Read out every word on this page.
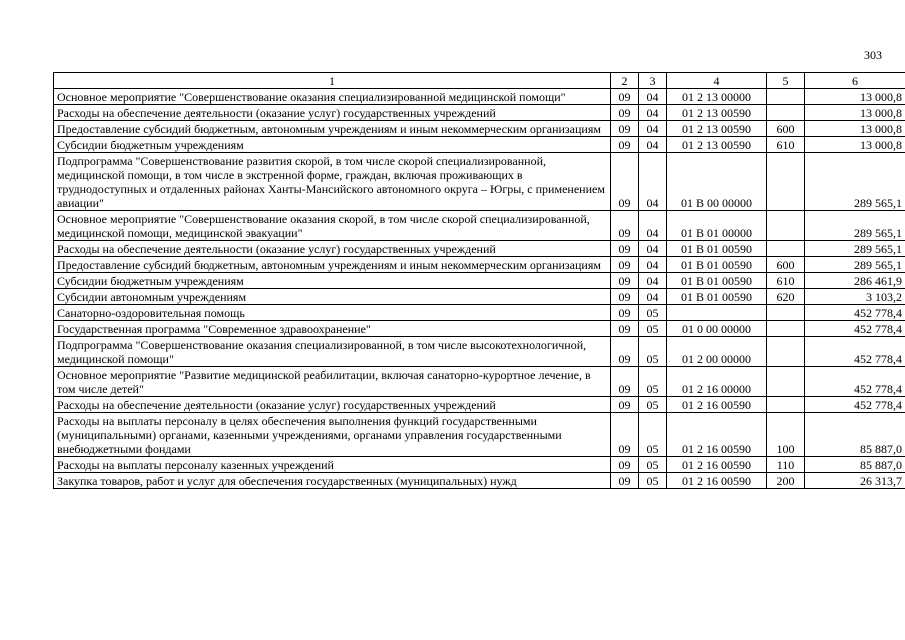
303
1	2	3	4	5	6
Основное мероприятие "Совершенствование оказания специализированной медицинской помощи"	09	04	01 2 13 00000		13 000,8
Расходы на обеспечение деятельности (оказание услуг) государственных учреждений	09	04	01 2 13 00590		13 000,8
Предоставление субсидий бюджетным, автономным учреждениям и иным некоммерческим организациям	09	04	01 2 13 00590	600	13 000,8
Субсидии бюджетным учреждениям	09	04	01 2 13 00590	610	13 000,8
Подпрограмма "Совершенствование развития скорой, в том числе скорой специализированной, медицинской помощи, в том числе в экстренной форме, граждан, включая проживающих в труднодоступных и отдаленных районах Ханты-Мансийского автономного округа – Югры, с применением авиации"	09	04	01 В 00 00000		289 565,1
Основное мероприятие "Совершенствование оказания скорой, в том числе скорой специализированной, медицинской помощи, медицинской эвакуации"	09	04	01 В 01 00000		289 565,1
Расходы на обеспечение деятельности (оказание услуг) государственных учреждений	09	04	01 В 01 00590		289 565,1
Предоставление субсидий бюджетным, автономным учреждениям и иным некоммерческим организациям	09	04	01 В 01 00590	600	289 565,1
Субсидии бюджетным учреждениям	09	04	01 В 01 00590	610	286 461,9
Субсидии автономным учреждениям	09	04	01 В 01 00590	620	3 103,2
Санаторно-оздоровительная помощь	09	05			452 778,4
Государственная программа "Современное здравоохранение"	09	05	01 0 00 00000		452 778,4
Подпрограмма "Совершенствование оказания специализированной, в том числе высокотехнологичной, медицинской помощи"	09	05	01 2 00 00000		452 778,4
Основное мероприятие "Развитие медицинской реабилитации, включая санаторно-курортное лечение, в том числе детей"	09	05	01 2 16 00000		452 778,4
Расходы на обеспечение деятельности (оказание услуг) государственных учреждений	09	05	01 2 16 00590		452 778,4
Расходы на выплаты персоналу в целях обеспечения выполнения функций государственными (муниципальными) органами, казенными учреждениями, органами управления государственными внебюджетными фондами	09	05	01 2 16 00590	100	85 887,0
Расходы на выплаты персоналу казенных учреждений	09	05	01 2 16 00590	110	85 887,0
Закупка товаров, работ и услуг для обеспечения государственных (муниципальных) нужд	09	05	01 2 16 00590	200	26 313,7
